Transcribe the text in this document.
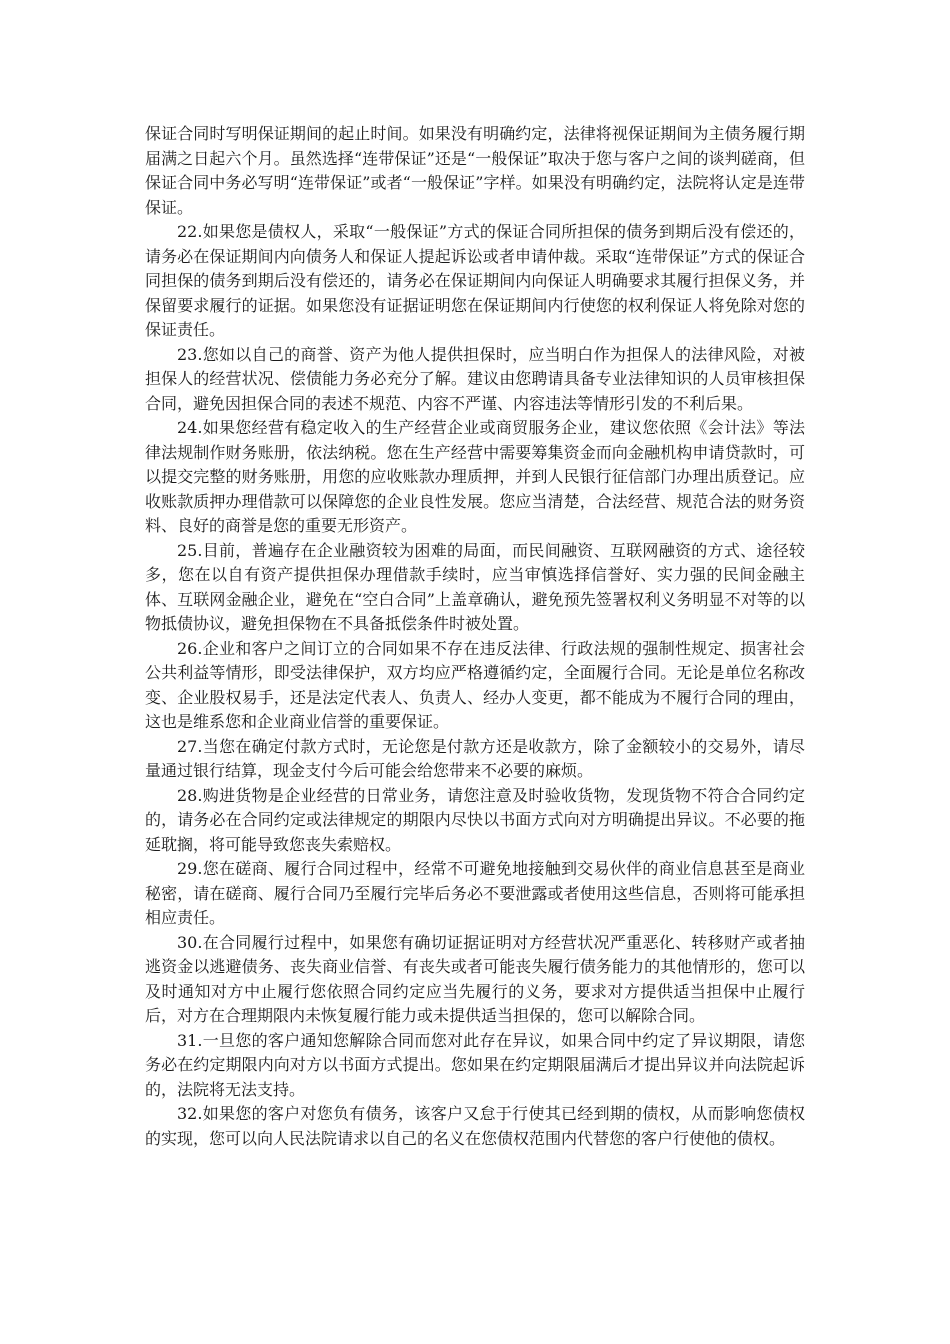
保证合同时写明保证期间的起止时间。如果没有明确约定，法律将视保证期间为主债务履行期届满之日起六个月。虽然选择“连带保证”还是“一般保证”取决于您与客户之间的谈判磋商，但保证合同中务必写明“连带保证”或者“一般保证”字样。如果没有明确约定，法院将认定是连带保证。

22.如果您是债权人，采取“一般保证”方式的保证合同所担保的债务到期后没有偿还的，请务必在保证期间内向债务人和保证人提起诉讼或者申请仲裁。采取“连带保证”方式的保证合同担保的债务到期后没有偿还的，请务必在保证期间内向保证人明确要求其履行担保义务，并保留要求履行的证据。如果您没有证据证明您在保证期间内行使您的权利保证人将免除对您的保证责任。

23.您如以自己的商誉、资产为他人提供担保时，应当明白作为担保人的法律风险，对被担保人的经营状况、偿债能力务必充分了解。建议由您聘请具备专业法律知识的人员审核担保合同，避免因担保合同的表述不规范、内容不严谨、内容违法等情形引发的不利后果。

24.如果您经营有稳定收入的生产经营企业或商贸服务企业，建议您依照《会计法》等法律法规制作财务账册，依法纳税。您在生产经营中需要筹集资金而向金融机构申请贷款时，可以提交完整的财务账册，用您的应收账款办理质押，并到人民银行征信部门办理出质登记。应收账款质押办理借款可以保障您的企业良性发展。您应当清楚，合法经营、规范合法的财务资料、良好的商誉是您的重要无形资产。

25.目前，普遍存在企业融资较为困难的局面，而民间融资、互联网融资的方式、途径较多，您在以自有资产提供担保办理借款手续时，应当审慎选择信誉好、实力强的民间金融主体、互联网金融企业，避免在“空白合同”上盖章确认，避免预先签署权利义务明显不对等的以物抵债协议，避免担保物在不具备抵偿条件时被处置。

26.企业和客户之间订立的合同如果不存在违反法律、行政法规的强制性规定、损害社会公共利益等情形，即受法律保护，双方均应严格遵循约定，全面履行合同。无论是单位名称改变、企业股权易手，还是法定代表人、负责人、经办人变更，都不能成为不履行合同的理由，这也是维系您和企业商业信誉的重要保证。

27.当您在确定付款方式时，无论您是付款方还是收款方，除了金额较小的交易外，请尽量通过银行结算，现金支付今后可能会给您带来不必要的麻烦。

28.购进货物是企业经营的日常业务，请您注意及时验收货物，发现货物不符合合同约定的，请务必在合同约定或法律规定的期限内尽快以书面方式向对方明确提出异议。不必要的拖延耽搁，将可能导致您丧失索赔权。

29.您在磋商、履行合同过程中，经常不可避免地接触到交易伙伴的商业信息甚至是商业秘密，请在磋商、履行合同乃至履行完毕后务必不要泄露或者使用这些信息，否则将可能承担相应责任。

30.在合同履行过程中，如果您有确切证据证明对方经营状况严重恶化、转移财产或者抽逃资金以逃避债务、丧失商业信誉、有丧失或者可能丧失履行债务能力的其他情形的，您可以及时通知对方中止履行您依照合同约定应当先履行的义务，要求对方提供适当担保中止履行后，对方在合理期限内未恢复履行能力或未提供适当担保的，您可以解除合同。

31.一旦您的客户通知您解除合同而您对此存在异议，如果合同中约定了异议期限，请您务必在约定期限内向对方以书面方式提出。您如果在约定期限届满后才提出异议并向法院起诉的，法院将无法支持。

32.如果您的客户对您负有债务，该客户又怠于行使其已经到期的债权，从而影响您债权的实现，您可以向人民法院请求以自己的名义在您债权范围内代替您的客户行使他的债权。
